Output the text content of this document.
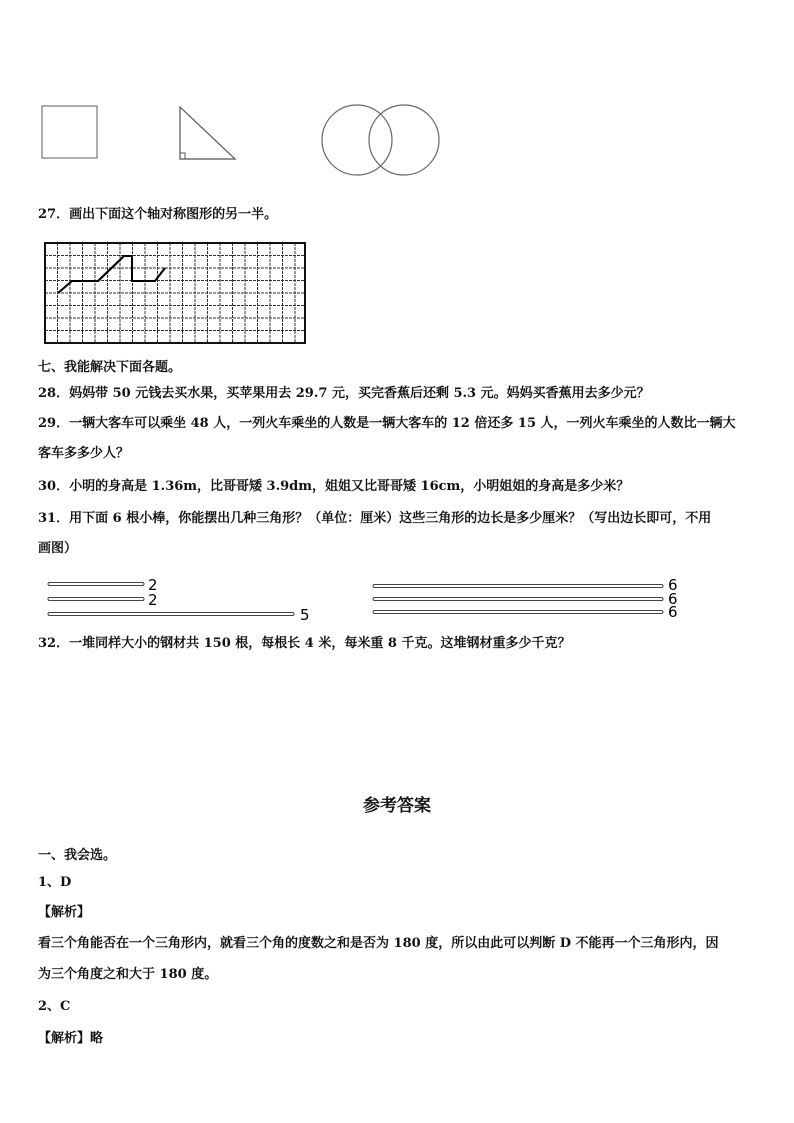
27．画出下面这个轴对称图形的另一半。
七、我能解决下面各题。
28．妈妈带 50 元钱去买水果，买苹果用去 29.7 元，买完香蕉后还剩 5.3 元。妈妈买香蕉用去多少元？
29．一辆大客车可以乘坐 48 人，一列火车乘坐的人数是一辆大客车的 12 倍还多 15 人，一列火车乘坐的人数比一辆大
客车多多少人？
30．小明的身高是 1.36m，比哥哥矮 3.9dm，姐姐又比哥哥矮 16cm，小明姐姐的身高是多少米？
31．用下面 6 根小棒，你能摆出几种三角形？（单位：厘米）这些三角形的边长是多少厘米？（写出边长即可，不用
画图）
2
2
5
6
6
6
32．一堆同样大小的钢材共 150 根，每根长 4 米，每米重 8 千克。这堆钢材重多少千克？
参考答案
一、我会选。
1、D
【解析】
看三个角能否在一个三角形内，就看三个角的度数之和是否为 180 度，所以由此可以判断 D 不能再一个三角形内，因
为三个角度之和大于 180 度。
2、C
【解析】略
